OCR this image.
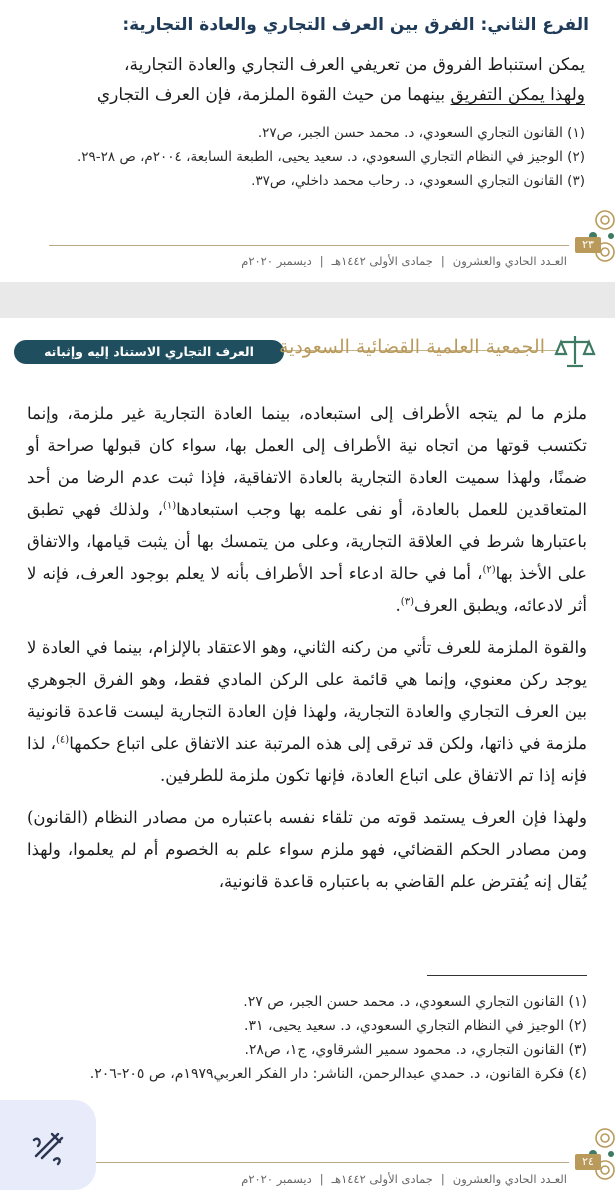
الفرع الثاني: الفرق بين العرف التجاري والعادة التجارية:
يمكن استنباط الفروق من تعريفي العرف التجاري والعادة التجارية،
ولهذا يمكن التفريق بينهما من حيث القوة الملزمة، فإن العرف التجاري
(١) القانون التجاري السعودي، د. محمد حسن الجبر، ص٢٧.
(٢) الوجيز في النظام التجاري السعودي، د. سعيد يحيى، الطبعة السابعة، ٢٠٠٤م، ص ٢٨-٢٩.
(٣) القانون التجاري السعودي، د. رحاب محمد داخلي، ص٣٧.
٢٣
العـدد الحادي والعشرون
|
جمادى الأولى ١٤٤٢هـ
|
ديسمبر ٢٠٢٠م
العرف التجاري الاستناد إليه وإثباته	الجمعية العلمية القضائية السعودية

ملزم ما لم يتجه الأطراف إلى استبعاده، بينما العادة التجارية غير ملزمة، وإنما تكتسب قوتها من اتجاه نية الأطراف إلى العمل بها، سواء كان قبولها صراحة أو ضمنًا، ولهذا سميت العادة التجارية بالعادة الاتفاقية، فإذا ثبت عدم الرضا من أحد المتعاقدين للعمل بالعادة، أو نفى علمه بها وجب استبعادها$^{(١)}$، ولذلك فهي تطبق باعتبارها شرط في العلاقة التجارية، وعلى من يتمسك بها أن يثبت قيامها، والاتفاق على الأخذ بها$^{(٢)}$، أما في حالة ادعاء أحد الأطراف بأنه لا يعلم بوجود العرف، فإنه لا أثر لادعائه، ويطبق العرف$^{(٣)}$.

والقوة الملزمة للعرف تأتي من ركنه الثاني، وهو الاعتقاد بالإلزام، بينما في العادة لا يوجد ركن معنوي، وإنما هي قائمة على الركن المادي فقط، وهو الفرق الجوهري بين العرف التجاري والعادة التجارية، ولهذا فإن العادة التجارية ليست قاعدة قانونية ملزمة في ذاتها، ولكن قد ترقى إلى هذه المرتبة عند الاتفاق على اتباع حكمها$^{(٤)}$، لذا فإنه إذا تم الاتفاق على اتباع العادة، فإنها تكون ملزمة للطرفين.

ولهذا فإن العرف يستمد قوته من تلقاء نفسه باعتباره من مصادر النظام (القانون) ومن مصادر الحكم القضائي، فهو ملزم سواء علم به الخصوم أم لم يعلموا، ولهذا يُقال إنه يُفترض علم القاضي به باعتباره قاعدة قانونية،

(١) القانون التجاري السعودي، د. محمد حسن الجبر، ص ٢٧.
(٢) الوجيز في النظام التجاري السعودي، د. سعيد يحيى، ٣١.
(٣) القانون التجاري، د. محمود سمير الشرقاوي، ج١، ص٢٨.
(٤) فكرة القانون، د. حمدي عبدالرحمن، الناشر: دار الفكر العربي١٩٧٩م، ص ٢٠٥-٢٠٦.
٢٤
العـدد الحادي والعشرون
|
جمادى الأولى ١٤٤٢هـ
|
ديسمبر ٢٠٢٠م
